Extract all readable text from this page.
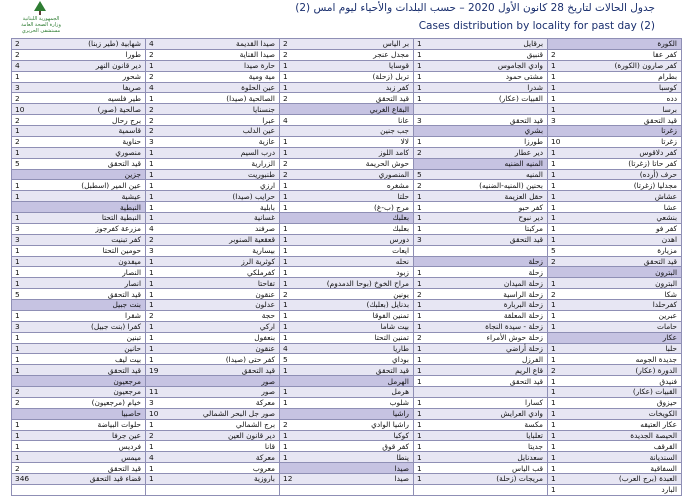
الجمهورية اللبنانية
وزارة الصحة العامة
مستشفى الحريري
جدول الحالات لتاريخ 28 كانون الأول 2020 – حسب البلدات والأحياء ليوم امس (2)
Cases distribution by locality for past day (2)
2	شهابية (طير زبنا)
2	طورا
4	دير قانون النهر
1	شحور
3	صريفا
2	طير فلسيه
10	صالحية (صور)
2	برج رحال
1	قاسمية
2	حناوية
1	منصوري
5	قيد التحقق
جزين
1	عين المير (اسطبل)
1	عيشية
النبطية
1	النبطية التحتا
3	مزرعة كفرجوز
3	كفر تبنيت
1	حومين التحتا
1	ميفدون
1	النصار
1	انصار
5	قيد التحقق
بنت جبيل
1	شقرا
3	كفرا (بنت جبيل)
1	تبنين
1	حانين
1	بيت ليف
1	قيد التحقق
مرجعيون
2	مرجعيون
2	خيام (مرجعيون)
حاصبيا
1	حلوات البياضة
1	عين جرفا
1	فرديس
1	ميمس
2	قيد التحقق
346	قضاء قيد التحقق
4	صيدا القديمة
2	صيدا القناية
1	حارة صيدا
2	مية ومية
4	عين الحلوة
1	الصالحية (صيدا)
2	جنسنايا
2	عبرا
2	عين الدلب
3	عازية
1	درب السيم
1	الزرارية
1	طنبوريت
1	ارزي
1	حرايب (صيدا)
1	بابلية
1	غسانية
4	صرفند
2	قعقعية الصنوبر
3	بيسارية
1	كوثرية الرز
1	كفرملكي
1	تفاحتا
1	عنقون
1	عدلون
2	حجة
1	اركي
1	بنعفول
1	عنقون
1	كفر حتى (صيدا)
19	قيد التحقق
صور
11	صور
3	معركة
10	صور جل البحر الشمالي
1	برج الشمالي
2	دير قانون العين
1	قانا
4	معركة
1	معروب
1	باروزية
2	بر الياس
2	مجدل عنجر
1	قوسايا
1	تربل (زحلة)
1	كفر زبد
2	قيد التحقق
البقاع الغربي
4	عانا
جب جنين
1	لالا
1	كامد اللوز
2	حوش الحريمة
2	المنصوري
1	مشغره
1	حلتا
1	مرج (ب-غ)
بعلبك
1	بعلبك
1	دورس
1	ايعات
1	نحله
1	زبود
1	مراح الخوخ (بوحا الدمدوم)
2	يونين
1	بدنايل (بعلبك)
1	تمنين الفوقا
1	بيت شاما
1	تمنين التحتا
4	طاريا
5	بوداي
1	قيد التحقق
الهرمل
1	هرمل
1	شلوب
راشيا
2	راشيا الوادي
1	كوكبا
1	كفر قوق
1	ينطا
صيدا
12	صيدا
1	برقايل
1	قنبيق
1	وادي الجاموس
1	مشتى حمود
1	شدرا
1	القبيات (عكار)
3	قيد التحقق
بشري
1	طورزا
2	دير عطار
المنيه الضنيه
5	المنيه
2	بحنين (المنيه-الضنيه)
1	حقل العزيمة
1	كفر حبو
1	دير نبوح
1	مركبتا
3	قيد التحقق
زحلة
1	زحلة
1	زحلة الميدان
2	زحلة الراسية
1	زحلة البربارة
1	زحلة المعلقة
1	زحلة - سيدة النجاة
2	زحلة حوش الأمراء
1	زحلة أراضي
1	الفرزل
1	قاع الريم
1	قيد التحقق
1	كسارا
1	وادي العرايش
1	مكسة
1	تعلبايا
1	جديتا
1	سعدنايل
1	قب الياس
1	مريجات (زحلة)
الكورة
2	كفر عقا
1	كفر صارون (الكورة)
1	بطرام
1	كوسبا
1	دده
1	برسا
3	قيد التحقق
زغرتا
10	زغرتا
1	كفر دلاقوس
1	كفر حاتا (زغرتا)
1	حرف (أرده)
1	مجدليا (زغرتا)
1	عشاش
1	عشا
1	بنشعي
1	كفر فو
1	اهدن
5	مزيارة
2	قيد التحقق
البترون
1	البترون
2	شكا
1	كفرحلدا
1	عبرين
1	حامات
عكار
1	حلبا
1	جديدة الجومه
2	الدورة (عكار)
1	فنيدق
1	القبيات (عكار)
1	حيزوق
1	الكويخات
1	عكار العتيقه
1	الحيصة الجديدة
1	القرقف
1	السنديانة
1	السفاقية
1	العبدة (برج العرب)
1	البارد
